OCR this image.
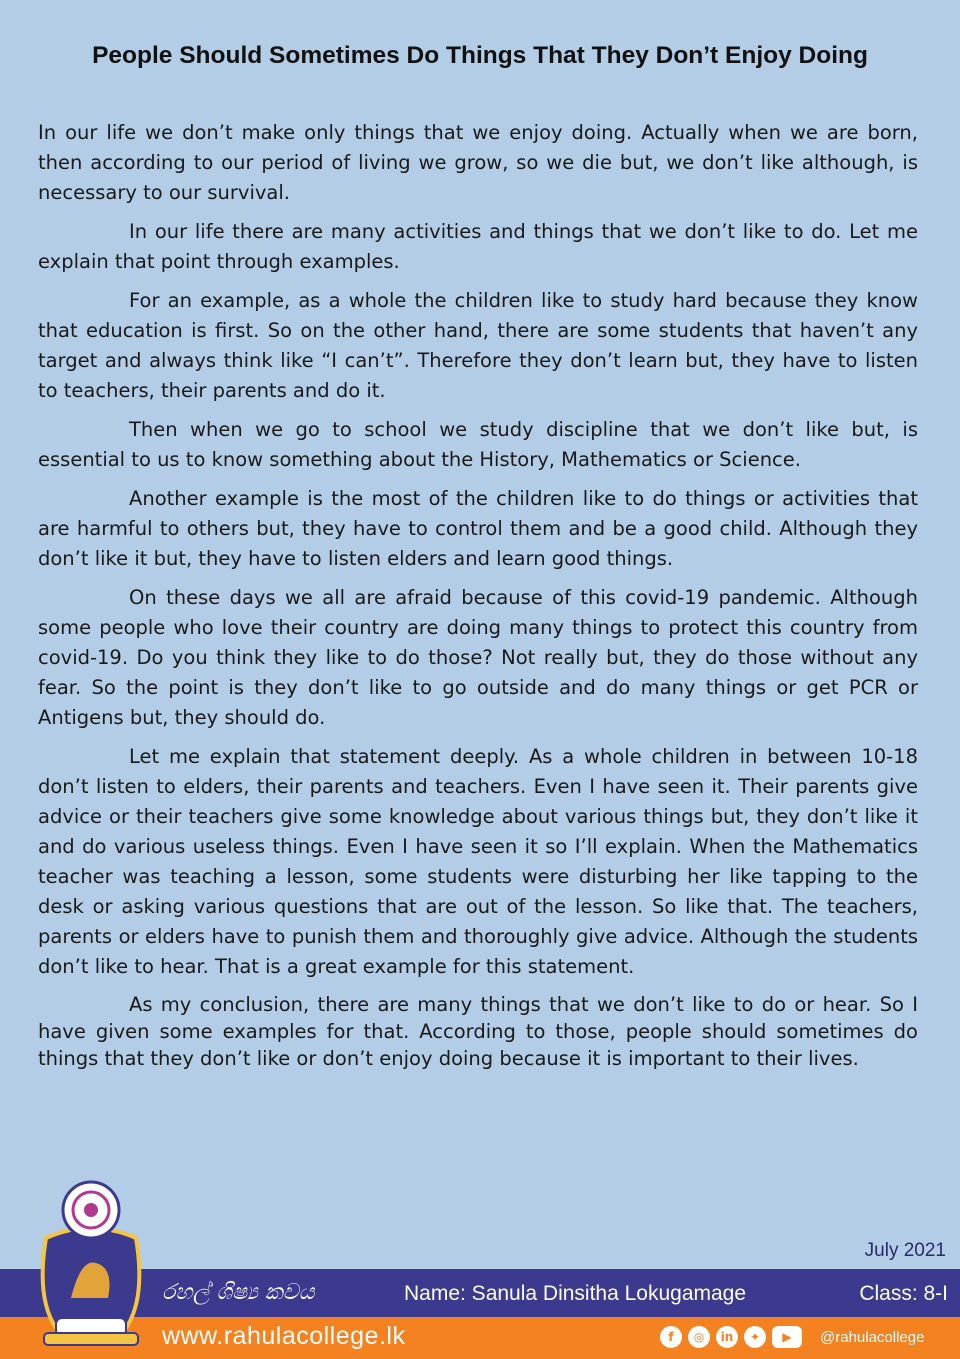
People Should Sometimes Do Things That They Don’t Enjoy Doing

In our life we don’t make only things that we enjoy doing. Actually when we are born, then according to our period of living we grow, so we die but, we don’t like although, is necessary to our survival.

In our life there are many activities and things that we don’t like to do. Let me explain that point through examples.

For an example, as a whole the children like to study hard because they know that education is first. So on the other hand, there are some students that haven’t any target and always think like “I can’t”. Therefore they don’t learn but, they have to listen to teachers, their parents and do it.

Then when we go to school we study discipline that we don’t like but, is essential to us to know something about the History, Mathematics or Science.

Another example is the most of the children like to do things or activities that are harmful to others but, they have to control them and be a good child. Although they don’t like it but, they have to listen elders and learn good things.

On these days we all are afraid because of this covid-19 pandemic. Although some people who love their country are doing many things to protect this country from covid-19. Do you think they like to do those? Not really but, they do those without any fear. So the point is they don’t like to go outside and do many things or get PCR or Antigens but, they should do.

Let me explain that statement deeply. As a whole children in between 10-18 don’t listen to elders, their parents and teachers. Even I have seen it. Their parents give advice or their teachers give some knowledge about various things but, they don’t like it and do various useless things. Even I have seen it so I’ll explain. When the Mathematics teacher was teaching a lesson, some students were disturbing her like tapping to the desk or asking various questions that are out of the lesson. So like that. The teachers, parents or elders have to punish them and thoroughly give advice. Although the students don’t like to hear. That is a great example for this statement.

As my conclusion, there are many things that we don’t like to do or hear. So I have given some examples for that. According to those, people should sometimes do things that they don’t like or don’t enjoy doing because it is important to their lives.

July 2021
රහල් ශිෂ්‍ය කවය	Name: Sanula Dinsitha Lokugamage	Class: 8-I
www.rahulacollege.lk	f	◎	in	✦	▶	@rahulacollege
